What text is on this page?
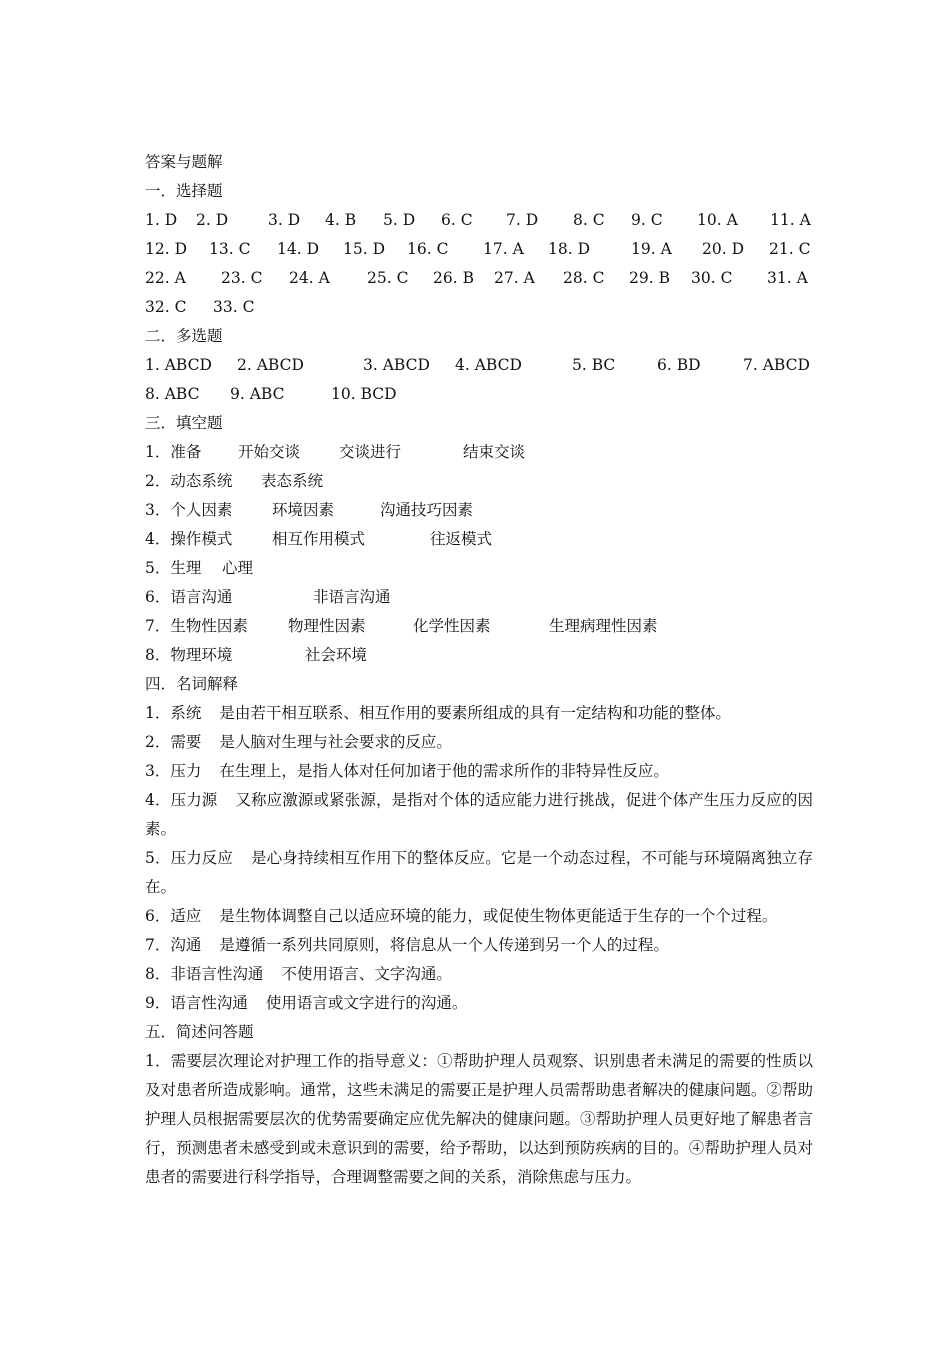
答案与题解
一．选择题
1. D 2. D	3. D 4. B 5. D 6. C 7. D 8. C 9. C 10. A 11. A
12. D 13. C 14. D 15. D 16. C 17. A 18. D	19. A 20. D 21. C
22. A 23. C 24. A 25. C 26. B 27. A 28. C 29. B 30. C 31. A
32. C 33. C
二．多选题
1. ABCD 2. ABCD	3. ABCD 4. ABCD	5. BC	6. BD	7. ABCD
8. ABC 9. ABC	10. BCD
三．填空题
1．准备 开始交谈	交谈进行	结束交谈
2．动态系统 表态系统
3．个人因素	环境因素	沟通技巧因素
4．操作模式	相互作用模式	往返模式
5．生理 心理
6．语言沟通	非语言沟通
7．生物性因素	物理性因素	化学性因素	生理病理性因素
8．物理环境	社会环境
四．名词解释
1．系统 是由若干相互联系、相互作用的要素所组成的具有一定结构和功能的整体。
2．需要 是人脑对生理与社会要求的反应。
3．压力 在生理上，是指人体对任何加诸于他的需求所作的非特异性反应。
4．压力源 又称应激源或紧张源，是指对个体的适应能力进行挑战，促进个体产生压力反应的因素。
5．压力反应 是心身持续相互作用下的整体反应。它是一个动态过程，不可能与环境隔离独立存在。
6．适应 是生物体调整自己以适应环境的能力，或促使生物体更能适于生存的一个个过程。
7．沟通 是遵循一系列共同原则，将信息从一个人传递到另一个人的过程。
8．非语言性沟通 不使用语言、文字沟通。
9．语言性沟通 使用语言或文字进行的沟通。
五．简述问答题
1．需要层次理论对护理工作的指导意义：①帮助护理人员观察、识别患者未满足的需要的性质以及对患者所造成影响。通常，这些未满足的需要正是护理人员需帮助患者解决的健康问题。②帮助护理人员根据需要层次的优势需要确定应优先解决的健康问题。③帮助护理人员更好地了解患者言行，预测患者未感受到或未意识到的需要，给予帮助，以达到预防疾病的目的。④帮助护理人员对患者的需要进行科学指导，合理调整需要之间的关系，消除焦虑与压力。
